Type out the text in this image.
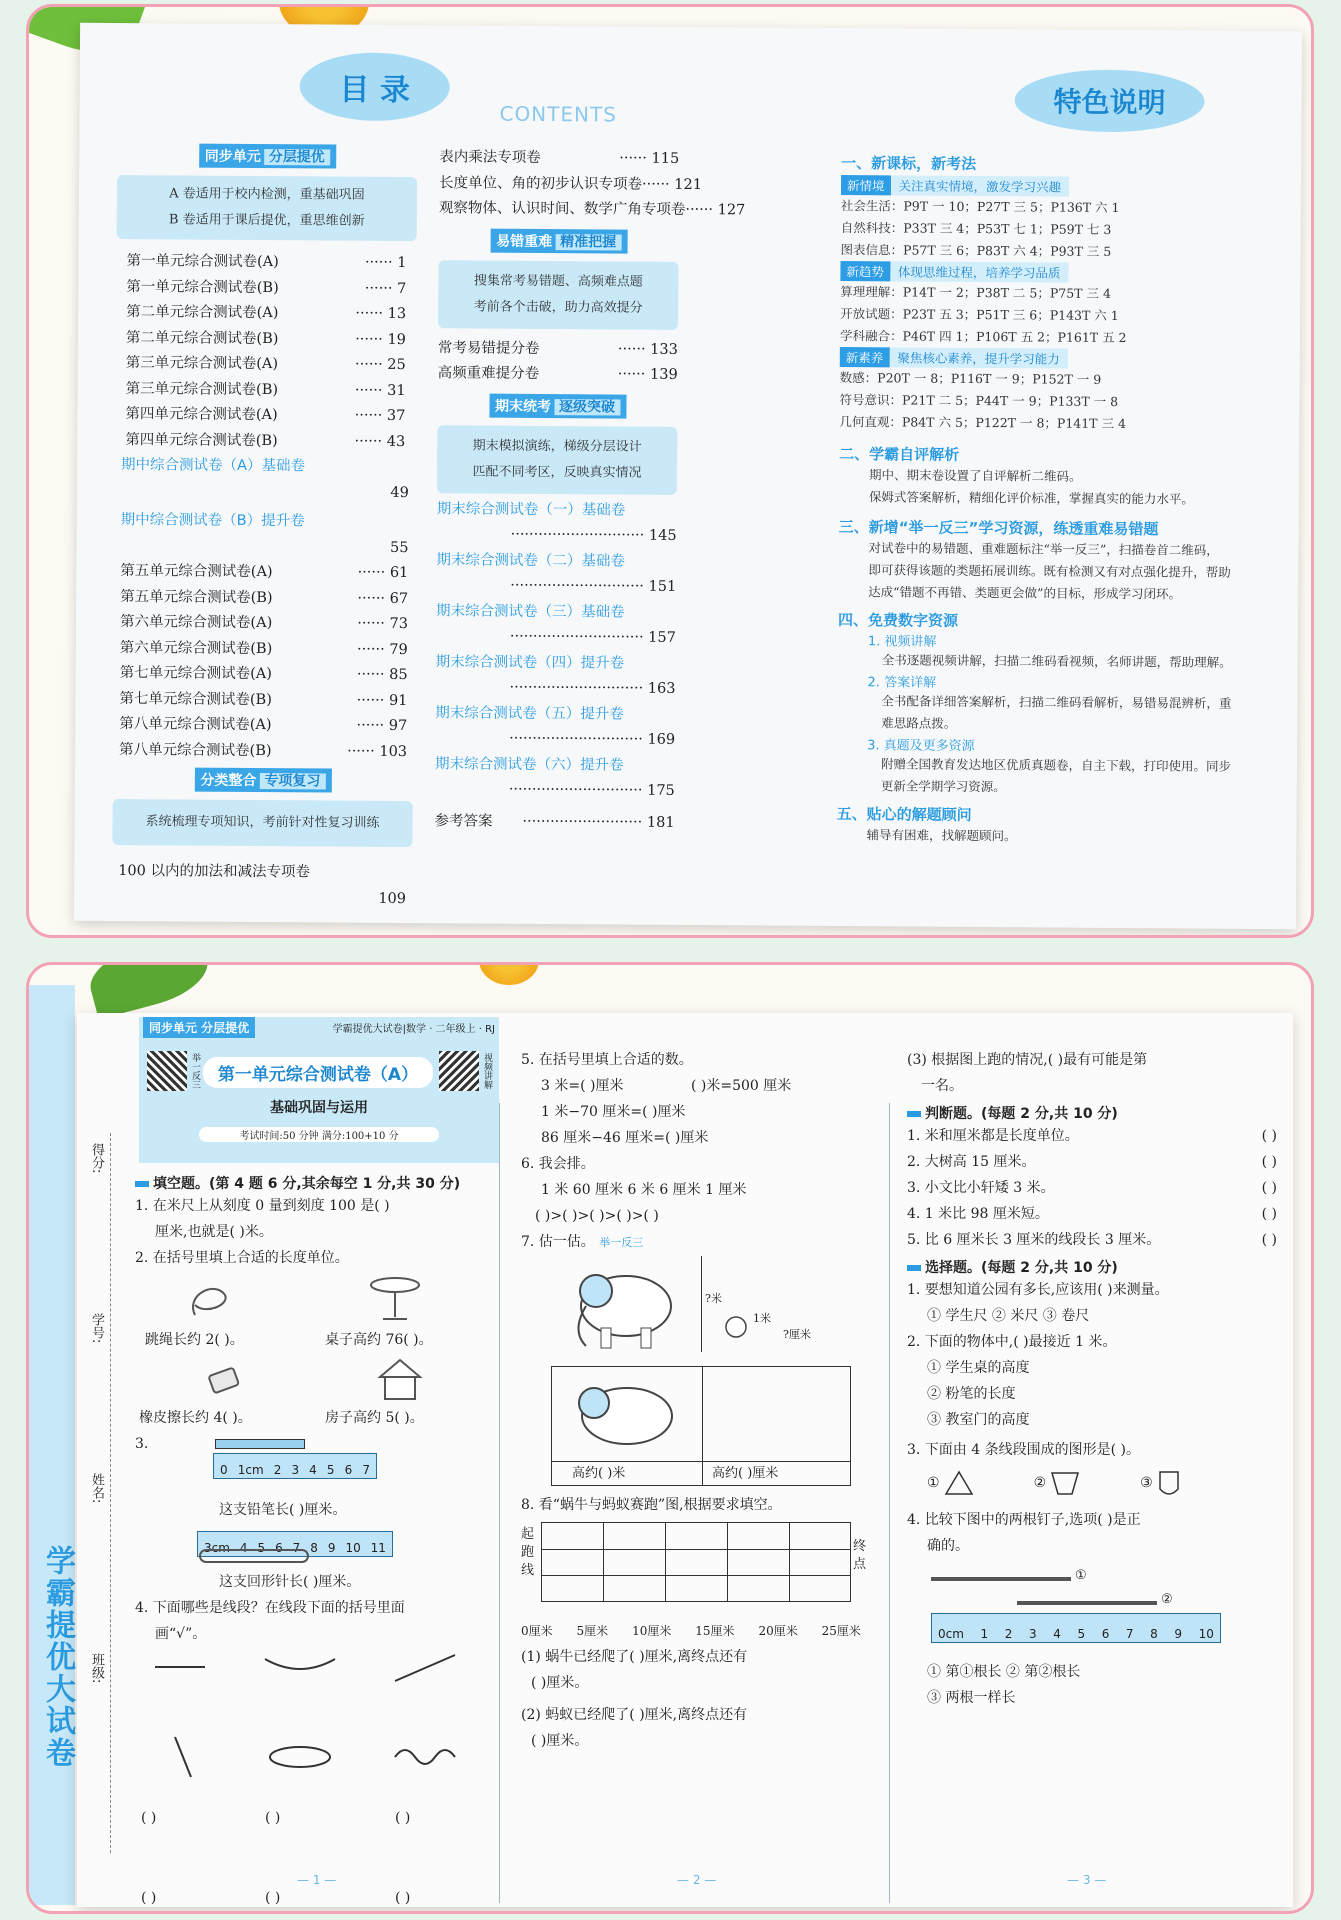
目 录
CONTENTS
同步单元 分层提优
A 卷适用于校内检测，重基础巩固
B 卷适用于课后提优，重思维创新
第一单元综合测试卷(A)	······ 1
第一单元综合测试卷(B)	······ 7
第二单元综合测试卷(A)	······ 13
第二单元综合测试卷(B)	······ 19
第三单元综合测试卷(A)	······ 25
第三单元综合测试卷(B)	······ 31
第四单元综合测试卷(A)	······ 37
第四单元综合测试卷(B)	······ 43
期中综合测试卷（A）基础卷
49
期中综合测试卷（B）提升卷
55
第五单元综合测试卷(A)	······ 61
第五单元综合测试卷(B)	······ 67
第六单元综合测试卷(A)	······ 73
第六单元综合测试卷(B)	······ 79
第七单元综合测试卷(A)	······ 85
第七单元综合测试卷(B)	······ 91
第八单元综合测试卷(A)	······ 97
第八单元综合测试卷(B)	······ 103
分类整合 专项复习
系统梳理专项知识，考前针对性复习训练
100 以内的加法和减法专项卷
109
表内乘法专项卷	······ 115
长度单位、角的初步认识专项卷 ······ 121
观察物体、认识时间、数学广角专项卷 ······ 127
易错重难 精准把握
搜集常考易错题、高频难点题
考前各个击破，助力高效提分
常考易错提分卷	······ 133
高频重难提分卷	······ 139
期末统考 逐级突破
期末模拟演练，梯级分层设计
匹配不同考区，反映真实情况
期末综合测试卷（一）基础卷
····························· 145
期末综合测试卷（二）基础卷
····························· 151
期末综合测试卷（三）基础卷
····························· 157
期末综合测试卷（四）提升卷
····························· 163
期末综合测试卷（五）提升卷
····························· 169
期末综合测试卷（六）提升卷
····························· 175
参考答案 ·························· 181
特色说明
一、新课标，新考法
新情境 关注真实情境，激发学习兴趣
社会生活：P9T 一 10；P27T 三 5；P136T 六 1
自然科技：P33T 三 4；P53T 七 1；P59T 七 3
图表信息：P57T 三 6；P83T 六 4；P93T 三 5
新趋势 体现思维过程，培养学习品质
算理理解：P14T 一 2；P38T 二 5；P75T 三 4
开放试题：P23T 五 3；P51T 三 6；P143T 六 1
学科融合：P46T 四 1；P106T 五 2；P161T 五 2
新素养 聚焦核心素养，提升学习能力
数感：P20T 一 8；P116T 一 9；P152T 一 9
符号意识：P21T 二 5；P44T 一 9；P133T 一 8
几何直观：P84T 六 5；P122T 一 8；P141T 三 4
二、学霸自评解析
期中、期末卷设置了自评解析二维码。
保姆式答案解析，精细化评价标准，掌握真实的能力水平。
三、新增“举一反三”学习资源，练透重难易错题
对试卷中的易错题、重难题标注“举一反三”，扫描卷首二维码，
即可获得该题的类题拓展训练。既有检测又有对点强化提升，帮助
达成“错题不再错、类题更会做”的目标，形成学习闭环。
四、免费数字资源
1. 视频讲解
全书逐题视频讲解，扫描二维码看视频，名师讲题，帮助理解。
2. 答案详解
全书配备详细答案解析，扫描二维码看解析，易错易混辨析，重
难思路点拨。
3. 真题及更多资源
附赠全国教育发达地区优质真题卷，自主下载，打印使用。同步
更新全学期学习资源。
五、贴心的解题顾问
辅导有困难，找解题顾问。
学霸提优大试卷
得分:
学号:
姓名:
班级:
同步单元 分层提优	学霸提优大试卷|数学 · 二年级上 · RJ
举一反三	视频讲解
第一单元综合测试卷（A）
基础巩固与运用
考试时间:50 分钟 满分:100+10 分
填空题。(第 4 题 6 分,其余每空 1 分,共 30 分)
1. 在米尺上从刻度 0 量到刻度 100 是( )
厘米,也就是( )米。
2. 在括号里填上合适的长度单位。
跳绳长约 2( )。	桌子高约 76( )。
橡皮擦长约 4( )。	房子高约 5( )。
3.
0 1cm 2 3 4 5 6 7
这支铅笔长( )厘米。
3cm 4 5 6 7 8 9 10 11
这支回形针长( )厘米。
4. 下面哪些是线段？在线段下面的括号里面
画“√”。
( )	( )	( )
( )	( )	( )
5. 在括号里填上合适的数。
3 米=( )厘米	( )米=500 厘米
1 米−70 厘米=( )厘米
86 厘米−46 厘米=( )厘米
6. 我会排。
1 米 60 厘米 6 米 6 厘米 1 厘米
( )>( )>( )>( )>( )
7. 估一估。 举一反三
?米
1米
?厘米
高约( )米	高约( )厘米
8. 看“蜗牛与蚂蚁赛跑”图,根据要求填空。
起跑线
终点
0厘米 5厘米 10厘米 15厘米 20厘米 25厘米
(1) 蜗牛已经爬了( )厘米,离终点还有
( )厘米。
(2) 蚂蚁已经爬了( )厘米,离终点还有
( )厘米。
(3) 根据图上跑的情况,( )最有可能是第
一名。
判断题。(每题 2 分,共 10 分)
1. 米和厘米都是长度单位。	( )
2. 大树高 15 厘米。	( )
3. 小文比小轩矮 3 米。	( )
4. 1 米比 98 厘米短。	( )
5. 比 6 厘米长 3 厘米的线段长 3 厘米。	( )
选择题。(每题 2 分,共 10 分)
1. 要想知道公园有多长,应该用( )来测量。
① 学生尺 ② 米尺 ③ 卷尺
2. 下面的物体中,( )最接近 1 米。
① 学生桌的高度
② 粉笔的长度
③ 教室门的高度
3. 下面由 4 条线段围成的图形是( )。
①	②	③
4. 比较下图中的两根钉子,选项( )是正
确的。
①
②
0cm 1 2 3 4 5 6 7 8 9 10
① 第①根长 ② 第②根长
③ 两根一样长
— 1 —	— 2 —	— 3 —
